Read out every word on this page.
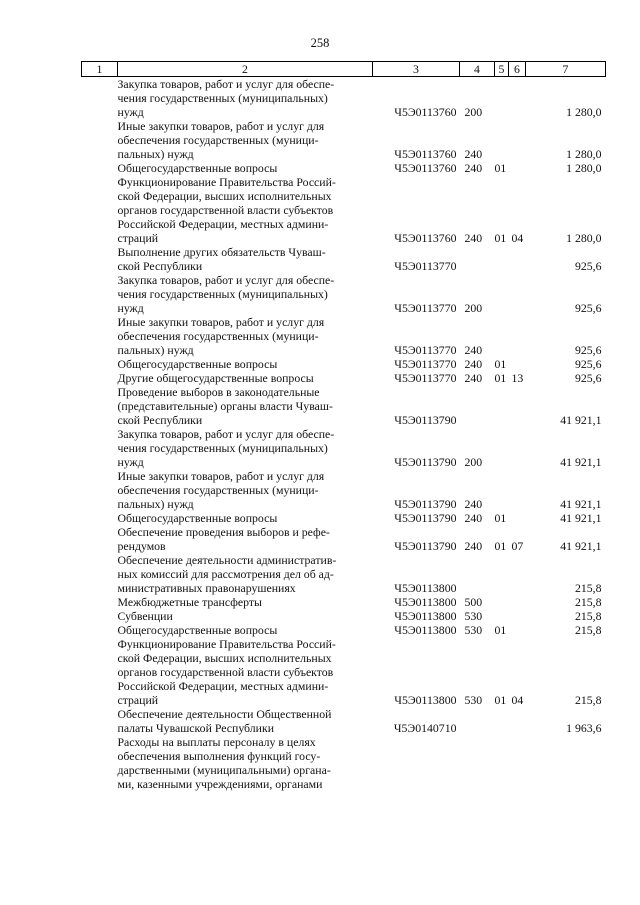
258
1	2	3	4	5	6	7
	Закупка товаров, работ и услуг для обеспе-
чения государственных (муниципальных)
нужд	Ч5Э0113760	200			1 280,0
	Иные закупки товаров, работ и услуг для
обеспечения государственных (муници-
пальных) нужд	Ч5Э0113760	240			1 280,0
	Общегосударственные вопросы	Ч5Э0113760	240	01		1 280,0
	Функционирование Правительства Россий-
ской Федерации, высших исполнительных
органов государственной власти субъектов
Российской Федерации, местных админи-
страций	Ч5Э0113760	240	01	04	1 280,0
	Выполнение других обязательств Чуваш-
ской Республики	Ч5Э0113770				925,6
	Закупка товаров, работ и услуг для обеспе-
чения государственных (муниципальных)
нужд	Ч5Э0113770	200			925,6
	Иные закупки товаров, работ и услуг для
обеспечения государственных (муници-
пальных) нужд	Ч5Э0113770	240			925,6
	Общегосударственные вопросы	Ч5Э0113770	240	01		925,6
	Другие общегосударственные вопросы	Ч5Э0113770	240	01	13	925,6
	Проведение выборов в законодательные
(представительные) органы власти Чуваш-
ской Республики	Ч5Э0113790				41 921,1
	Закупка товаров, работ и услуг для обеспе-
чения государственных (муниципальных)
нужд	Ч5Э0113790	200			41 921,1
	Иные закупки товаров, работ и услуг для
обеспечения государственных (муници-
пальных) нужд	Ч5Э0113790	240			41 921,1
	Общегосударственные вопросы	Ч5Э0113790	240	01		41 921,1
	Обеспечение проведения выборов и рефе-
рендумов	Ч5Э0113790	240	01	07	41 921,1
	Обеспечение деятельности административ-
ных комиссий для рассмотрения дел об ад-
министративных правонарушениях	Ч5Э0113800				215,8
	Межбюджетные трансферты	Ч5Э0113800	500			215,8
	Субвенции	Ч5Э0113800	530			215,8
	Общегосударственные вопросы	Ч5Э0113800	530	01		215,8
	Функционирование Правительства Россий-
ской Федерации, высших исполнительных
органов государственной власти субъектов
Российской Федерации, местных админи-
страций	Ч5Э0113800	530	01	04	215,8
	Обеспечение деятельности Общественной
палаты Чувашской Республики	Ч5Э0140710				1 963,6
	Расходы на выплаты персоналу в целях
обеспечения выполнения функций госу-
дарственными (муниципальными) органа-
ми, казенными учреждениями, органами					
